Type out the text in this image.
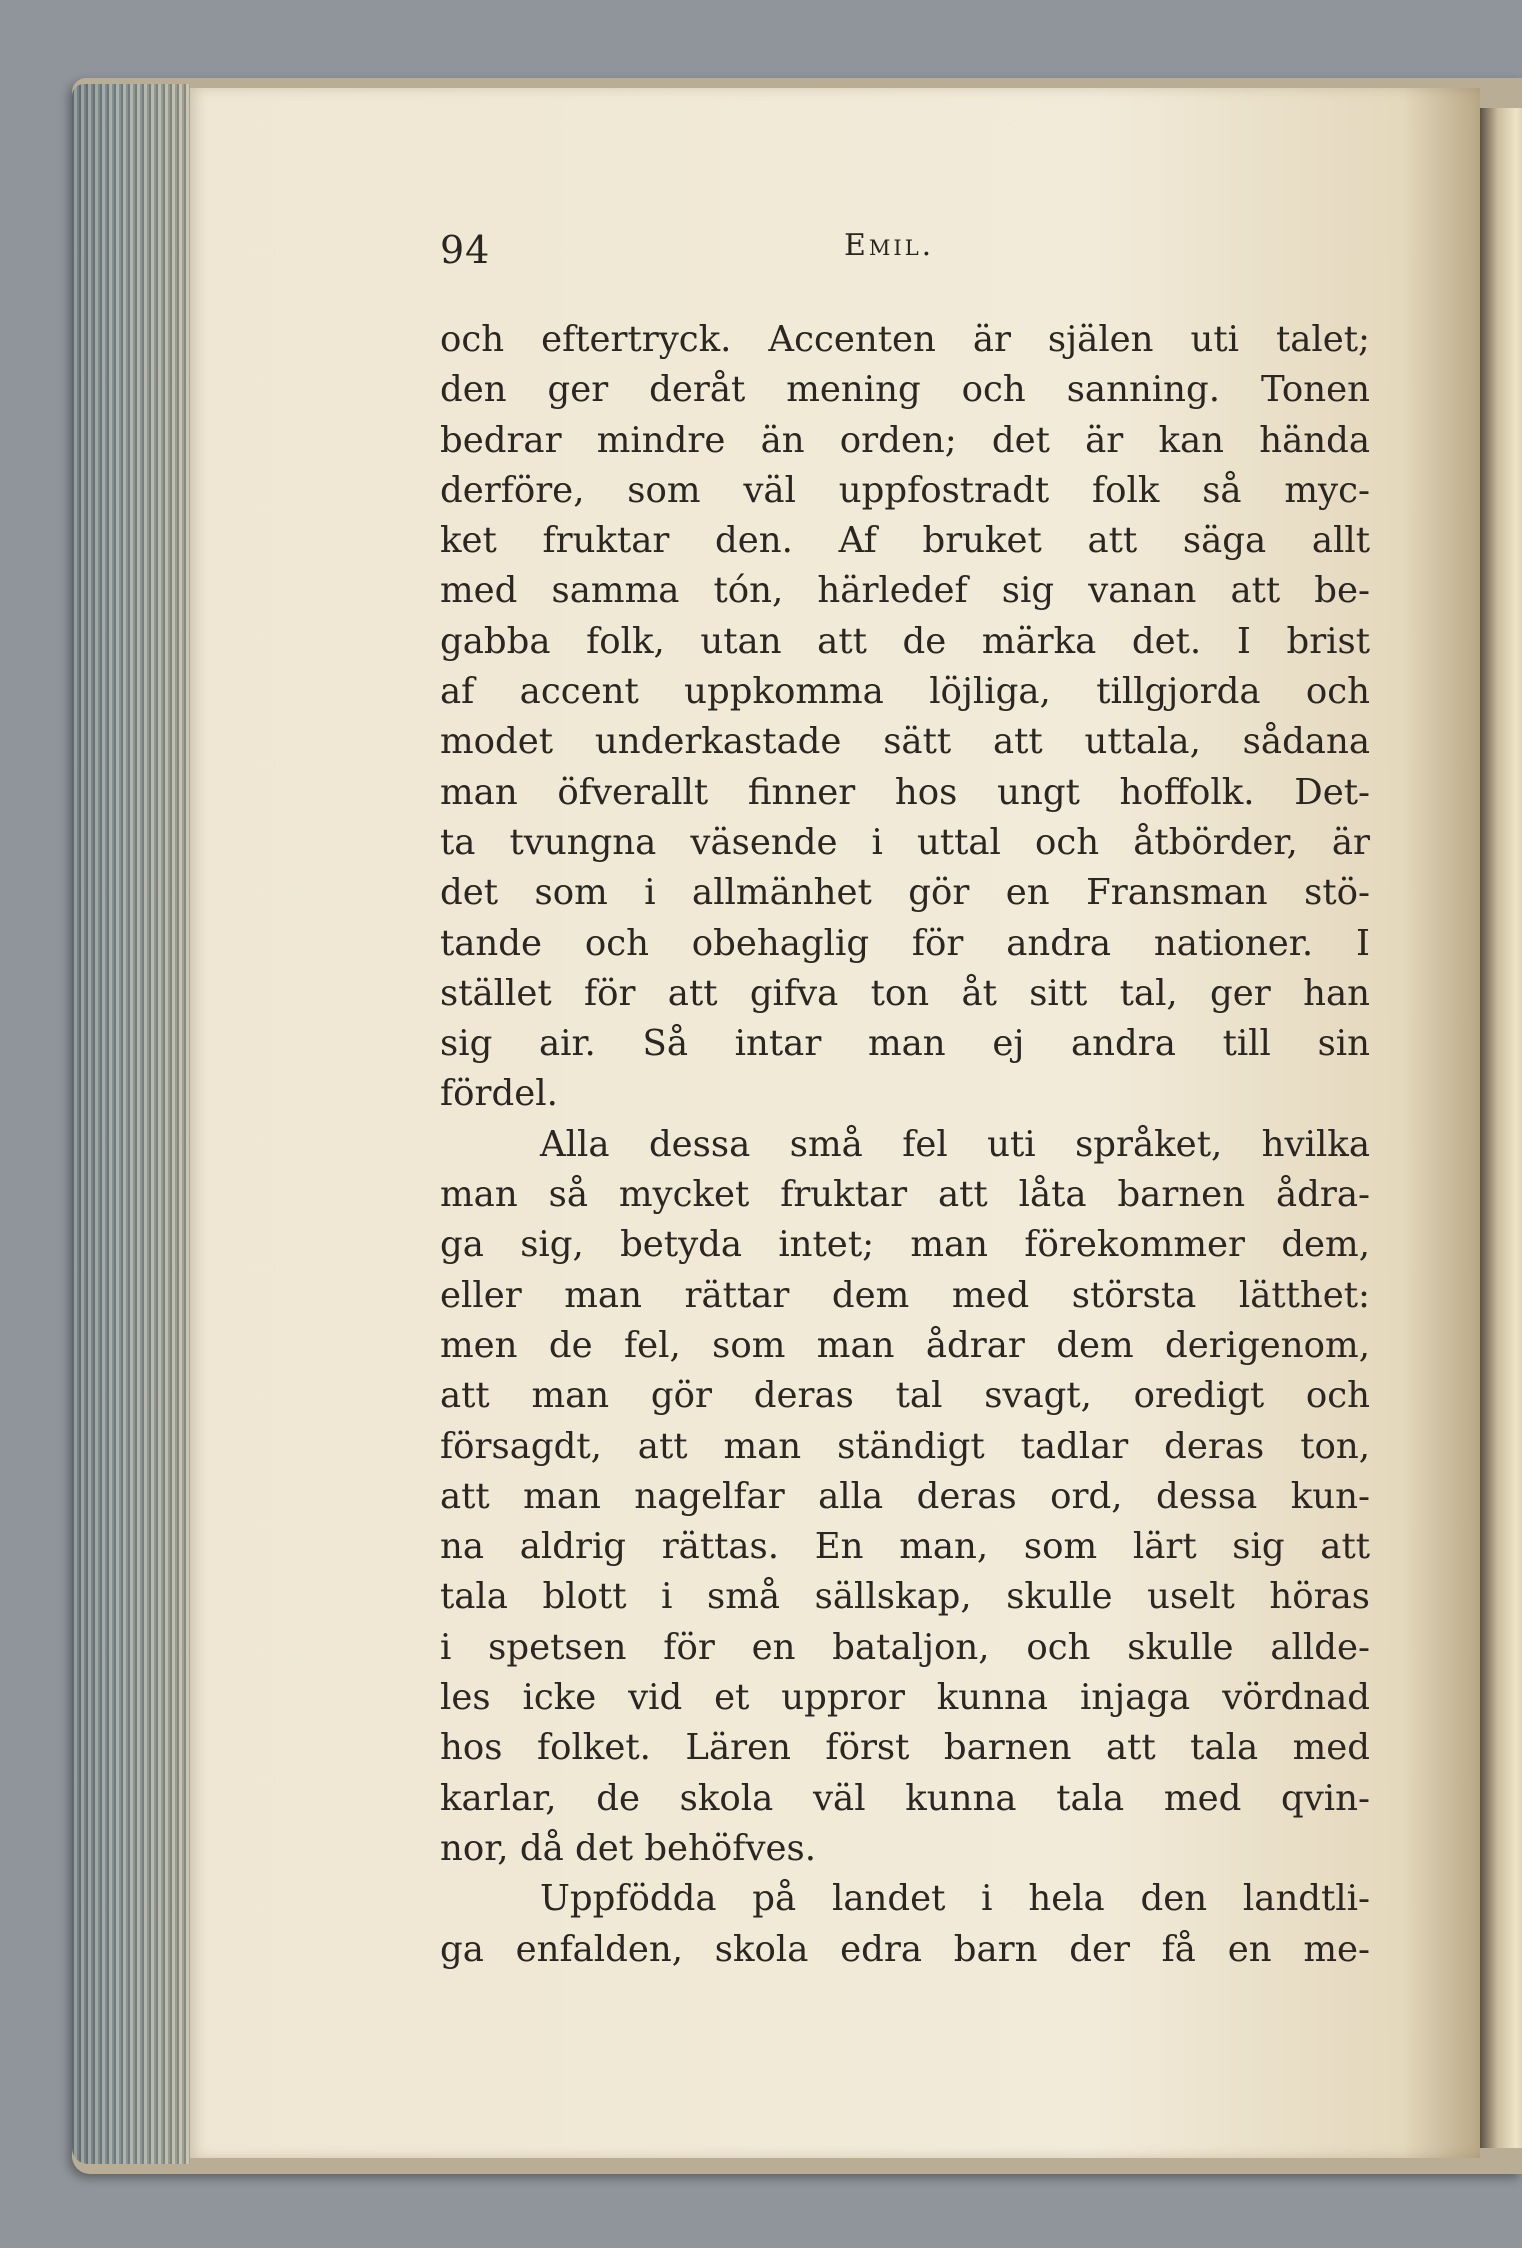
94	Emil.
och eftertryck. Accenten är själen uti talet;
den ger deråt mening och sanning. Tonen
bedrar mindre än orden; det är kan hända
derföre, som väl uppfostradt folk så myc-
ket fruktar den. Af bruket att säga allt
med samma tón, härledef sig vanan att be-
gabba folk, utan att de märka det. I brist
af accent uppkomma löjliga, tillgjorda och
modet underkastade sätt att uttala, sådana
man öfverallt finner hos ungt hoffolk. Det-
ta tvungna väsende i uttal och åtbörder, är
det som i allmänhet gör en Fransman stö-
tande och obehaglig för andra nationer. I
stället för att gifva ton åt sitt tal, ger han
sig air. Så intar man ej andra till sin
fördel.
Alla dessa små fel uti språket, hvilka
man så mycket fruktar att låta barnen ådra-
ga sig, betyda intet; man förekommer dem,
eller man rättar dem med största lätthet:
men de fel, som man ådrar dem derigenom,
att man gör deras tal svagt, oredigt och
försagdt, att man ständigt tadlar deras ton,
att man nagelfar alla deras ord, dessa kun-
na aldrig rättas. En man, som lärt sig att
tala blott i små sällskap, skulle uselt höras
i spetsen för en bataljon, och skulle allde-
les icke vid et uppror kunna injaga vördnad
hos folket. Lären först barnen att tala med
karlar, de skola väl kunna tala med qvin-
nor, då det behöfves.
Uppfödda på landet i hela den landtli-
ga enfalden, skola edra barn der få en me-
